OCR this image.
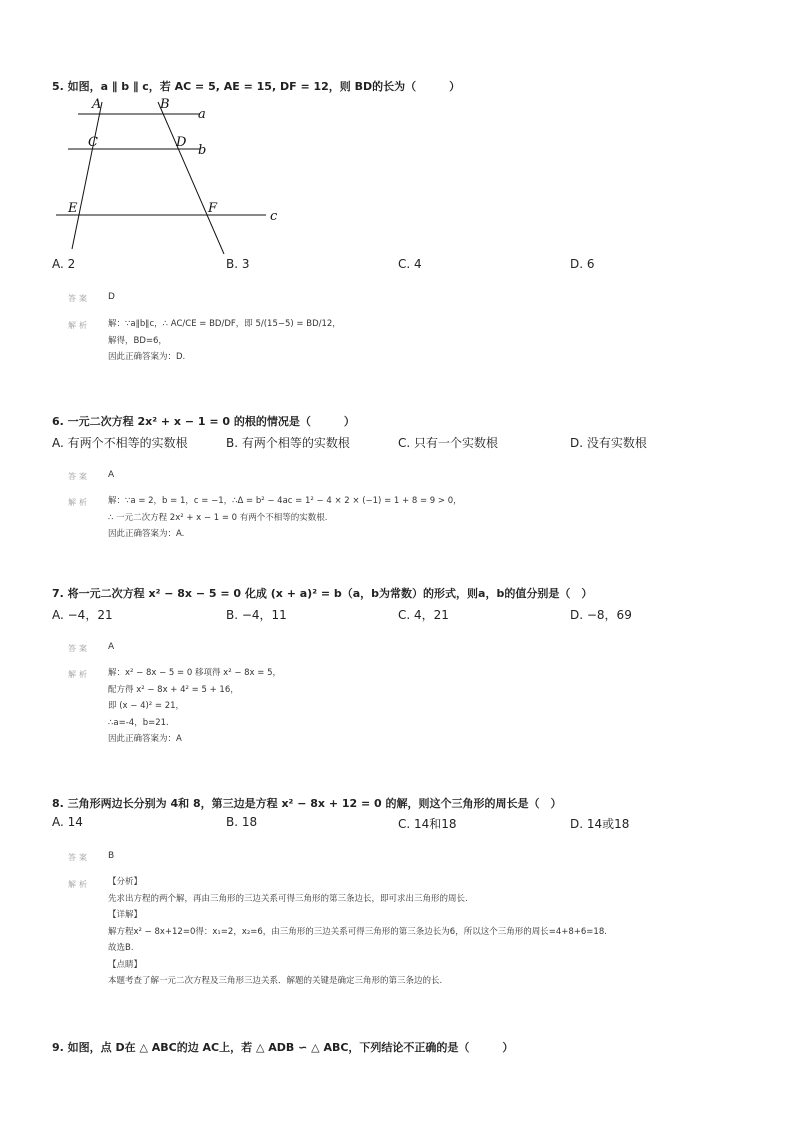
5. 如图，a ∥ b ∥ c，若 AC = 5, AE = 15, DF = 12，则 BD的长为（　　　）
A	B
a
C	D
b
E	F
c
A. 2	B. 3	C. 4	D. 6
答案 D
解析 解：∵a∥b∥c，∴ AC/CE = BD/DF，即 5/(15−5) = BD/12，
解得，BD=6，
因此正确答案为：D.
6. 一元二次方程 2x² + x − 1 = 0 的根的情况是（　　　）
A. 有两个不相等的实数根	B. 有两个相等的实数根	C. 只有一个实数根	D. 没有实数根
答案 A
解析 解：∵a = 2，b = 1，c = −1，∴Δ = b² − 4ac = 1² − 4 × 2 × (−1) = 1 + 8 = 9 > 0，
∴ 一元二次方程 2x² + x − 1 = 0 有两个不相等的实数根.
因此正确答案为：A.
7. 将一元二次方程 x² − 8x − 5 = 0 化成 (x + a)² = b（a，b为常数）的形式，则a，b的值分别是（　）
A. −4，21	B. −4，11	C. 4，21	D. −8，69
答案 A
解析 解：x² − 8x − 5 = 0 移项得 x² − 8x = 5，
配方得 x² − 8x + 4² = 5 + 16，
即 (x − 4)² = 21，
∴a=-4，b=21.
因此正确答案为：A
8. 三角形两边长分别为 4和 8，第三边是方程 x² − 8x + 12 = 0 的解，则这个三角形的周长是（　）
A. 14	B. 18	C. 14和18	D. 14或18
答案 B
解析 【分析】
先求出方程的两个解，再由三角形的三边关系可得三角形的第三条边长，即可求出三角形的周长.
【详解】
解方程x² − 8x+12=0得：x₁=2，x₂=6，由三角形的三边关系可得三角形的第三条边长为6，所以这个三角形的周长=4+8+6=18.
故选B.
【点睛】
本题考查了解一元二次方程及三角形三边关系．解题的关键是确定三角形的第三条边的长.
9. 如图，点 D在 △ ABC的边 AC上，若 △ ADB ∽ △ ABC，下列结论不正确的是（　　　）
